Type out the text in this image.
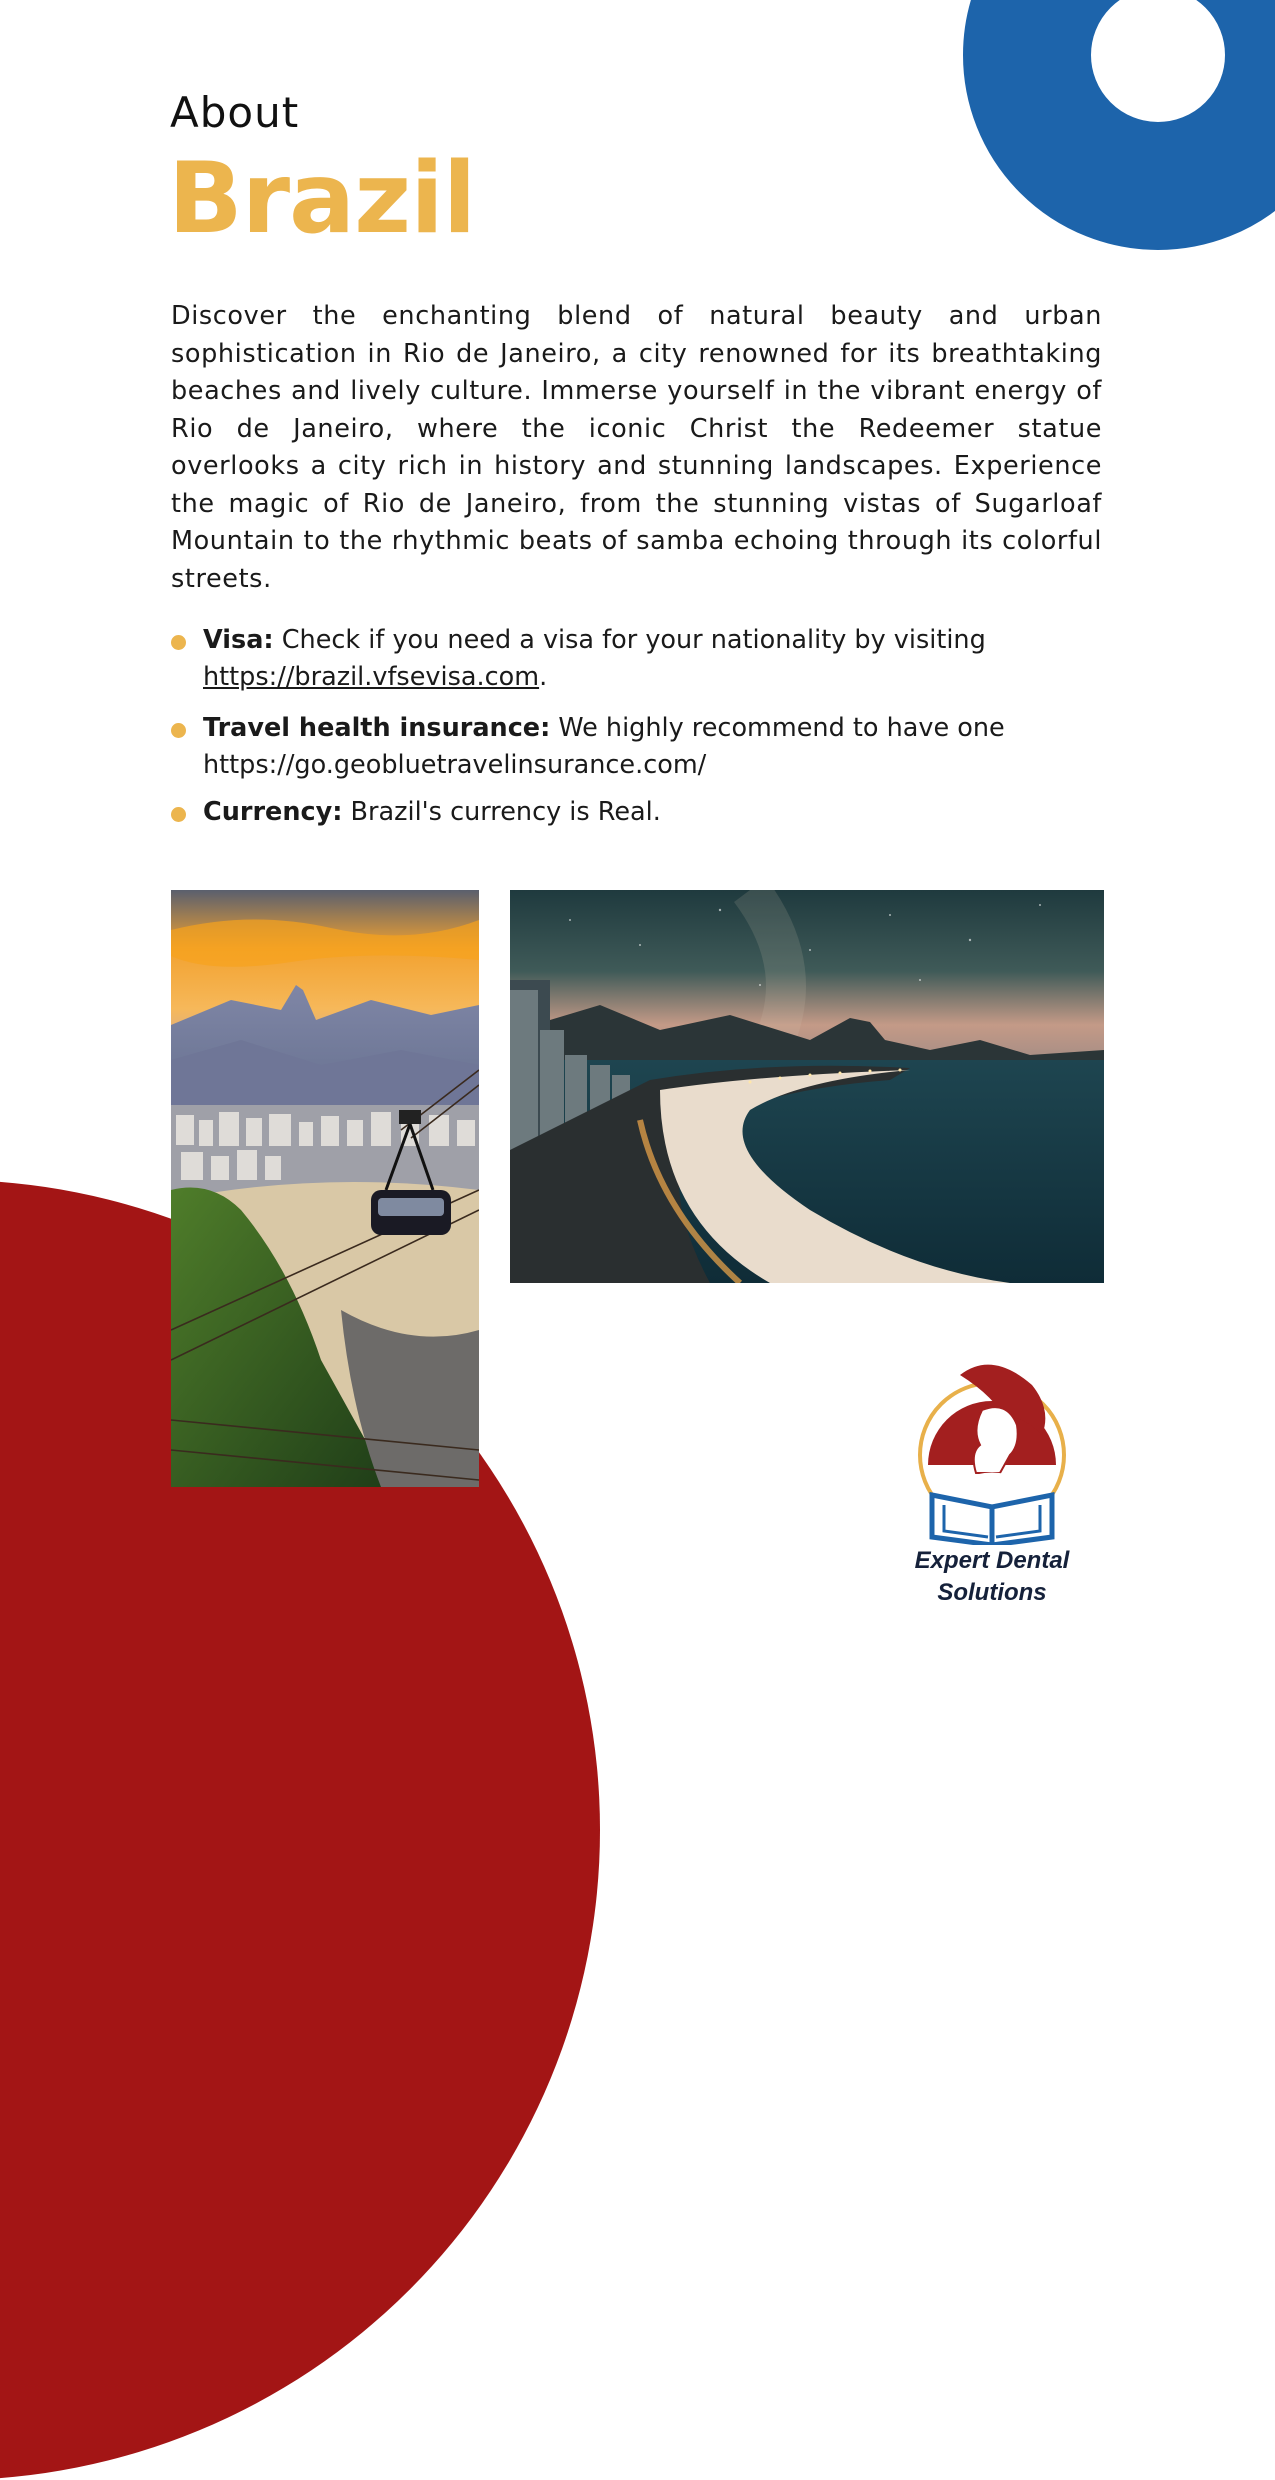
About
Brazil

Discover the enchanting blend of natural beauty and urban sophistication in Rio de Janeiro, a city renowned for its breathtaking beaches and lively culture. Immerse yourself in the vibrant energy of Rio de Janeiro, where the iconic Christ the Redeemer statue overlooks a city rich in history and stunning landscapes. Experience the magic of Rio de Janeiro, from the stunning vistas of Sugarloaf Mountain to the rhythmic beats of samba echoing through its colorful streets.

Visa: Check if you need a visa for your nationality by visiting https://brazil.vfsevisa.com.
Travel health insurance: We highly recommend to have one https://go.geobluetravelinsurance.com/
Currency: Brazil's currency is Real.
Expert Dental
Solutions
